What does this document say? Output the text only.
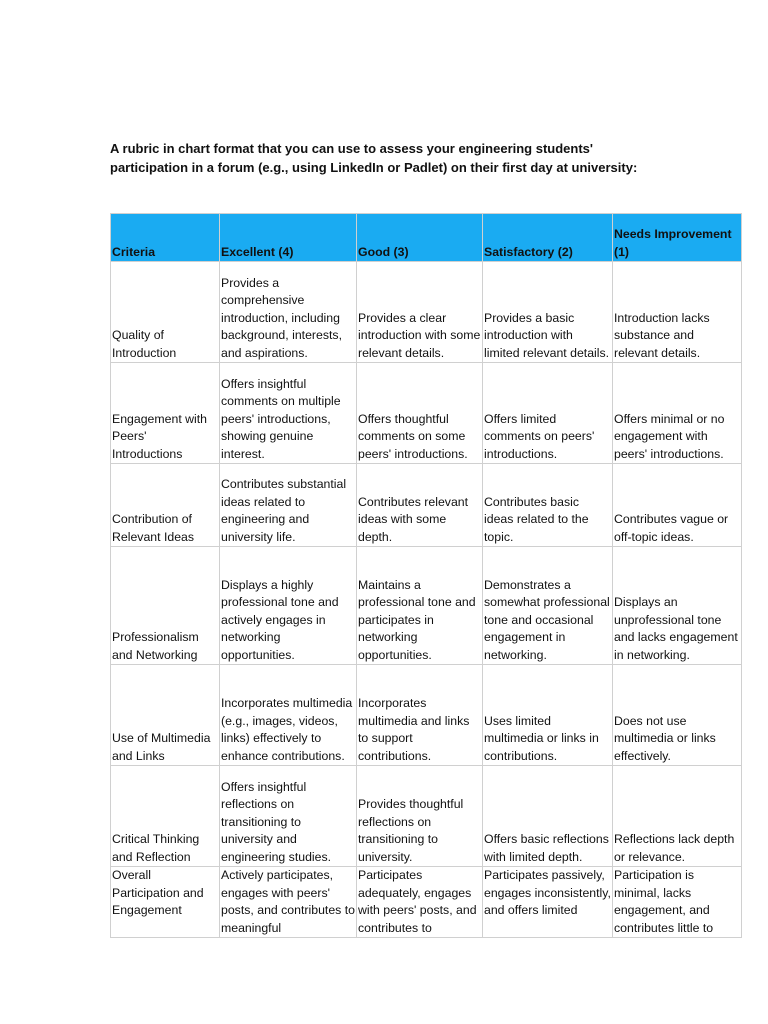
A rubric in chart format that you can use to assess your engineering students' participation in a forum (e.g., using LinkedIn or Padlet) on their first day at university:
Criteria	Excellent (4)	Good (3)	Satisfactory (2)	Needs Improvement (1)
Quality of Introduction	Provides a comprehensive introduction, including background, interests, and aspirations.	Provides a clear introduction with some relevant details.	Provides a basic introduction with limited relevant details.	Introduction lacks substance and relevant details.
Engagement with Peers' Introductions	Offers insightful comments on multiple peers' introductions, showing genuine interest.	Offers thoughtful comments on some peers' introductions.	Offers limited comments on peers' introductions.	Offers minimal or no engagement with peers' introductions.
Contribution of Relevant Ideas	Contributes substantial ideas related to engineering and university life.	Contributes relevant ideas with some depth.	Contributes basic ideas related to the topic.	Contributes vague or off-topic ideas.
Professionalism and Networking	Displays a highly professional tone and actively engages in networking opportunities.	Maintains a professional tone and participates in networking opportunities.	Demonstrates a somewhat professional tone and occasional engagement in networking.	Displays an unprofessional tone and lacks engagement in networking.
Use of Multimedia and Links	Incorporates multimedia (e.g., images, videos, links) effectively to enhance contributions.	Incorporates multimedia and links to support contributions.	Uses limited multimedia or links in contributions.	Does not use multimedia or links effectively.
Critical Thinking and Reflection	Offers insightful reflections on transitioning to university and engineering studies.	Provides thoughtful reflections on transitioning to university.	Offers basic reflections with limited depth.	Reflections lack depth or relevance.
Overall Participation and Engagement	Actively participates, engages with peers' posts, and contributes to meaningful	Participates adequately, engages with peers' posts, and contributes to	Participates passively, engages inconsistently, and offers limited	Participation is minimal, lacks engagement, and contributes little to
